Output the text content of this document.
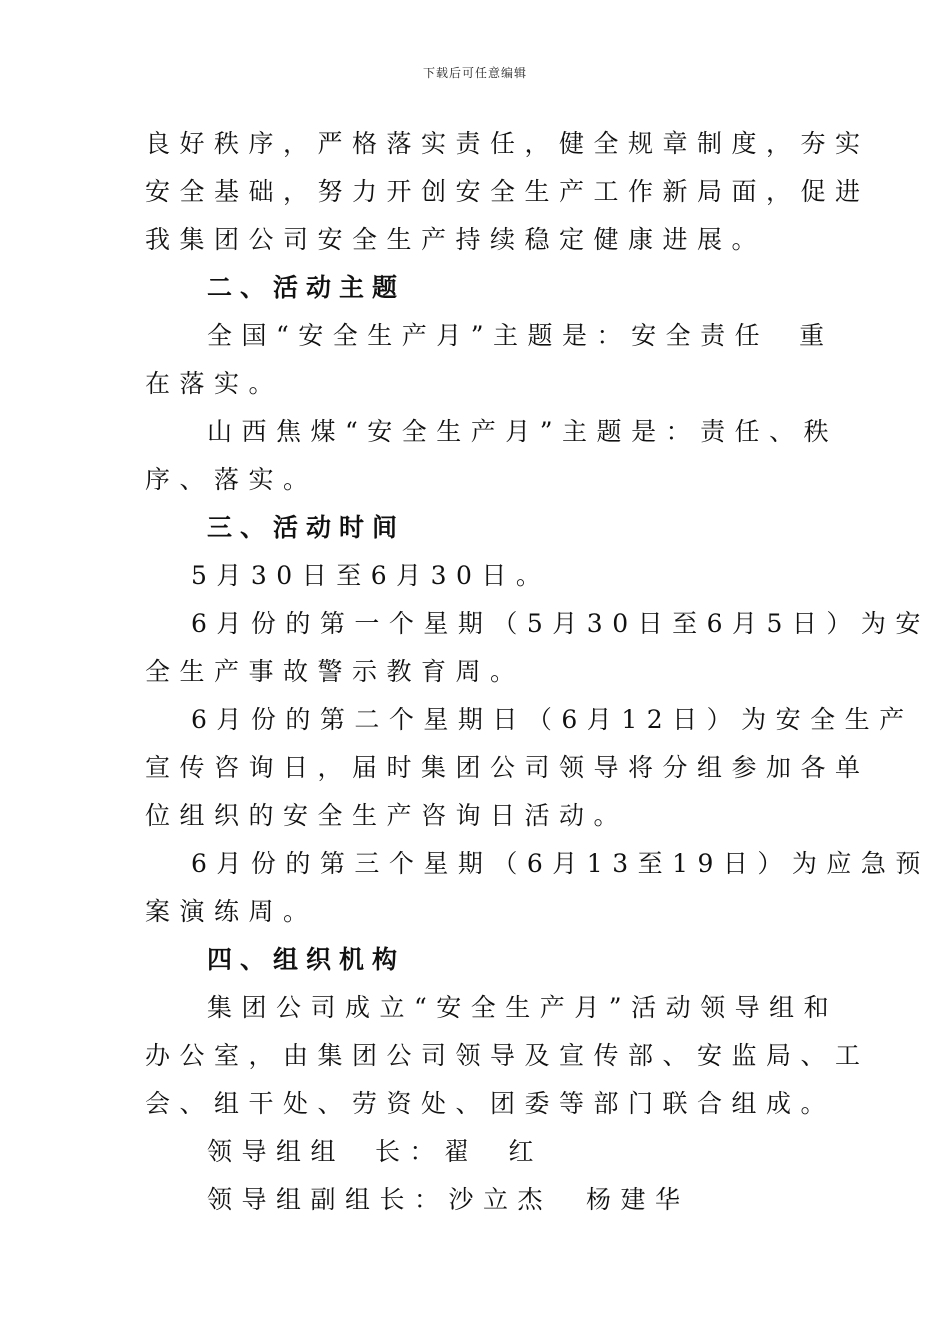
下载后可任意编辑
良好秩序，严格落实责任，健全规章制度，夯实
安全基础，努力开创安全生产工作新局面，促进
我集团公司安全生产持续稳定健康进展。
二、活动主题
全国“安全生产月”主题是：安全责任 重
在落实。
山西焦煤“安全生产月”主题是：责任、秩
序、落实。
三、活动时间
5月30日至6月30日。
6月份的第一个星期（5月30日至6月5日）为安
全生产事故警示教育周。
6月份的第二个星期日（6月12日）为安全生产
宣传咨询日，届时集团公司领导将分组参加各单
位组织的安全生产咨询日活动。
6月份的第三个星期（6月13至19日）为应急预
案演练周。
四、组织机构
集团公司成立“安全生产月”活动领导组和
办公室，由集团公司领导及宣传部、安监局、工
会、组干处、劳资处、团委等部门联合组成。
领导组组 长：翟 红
领导组副组长：沙立杰 杨建华
